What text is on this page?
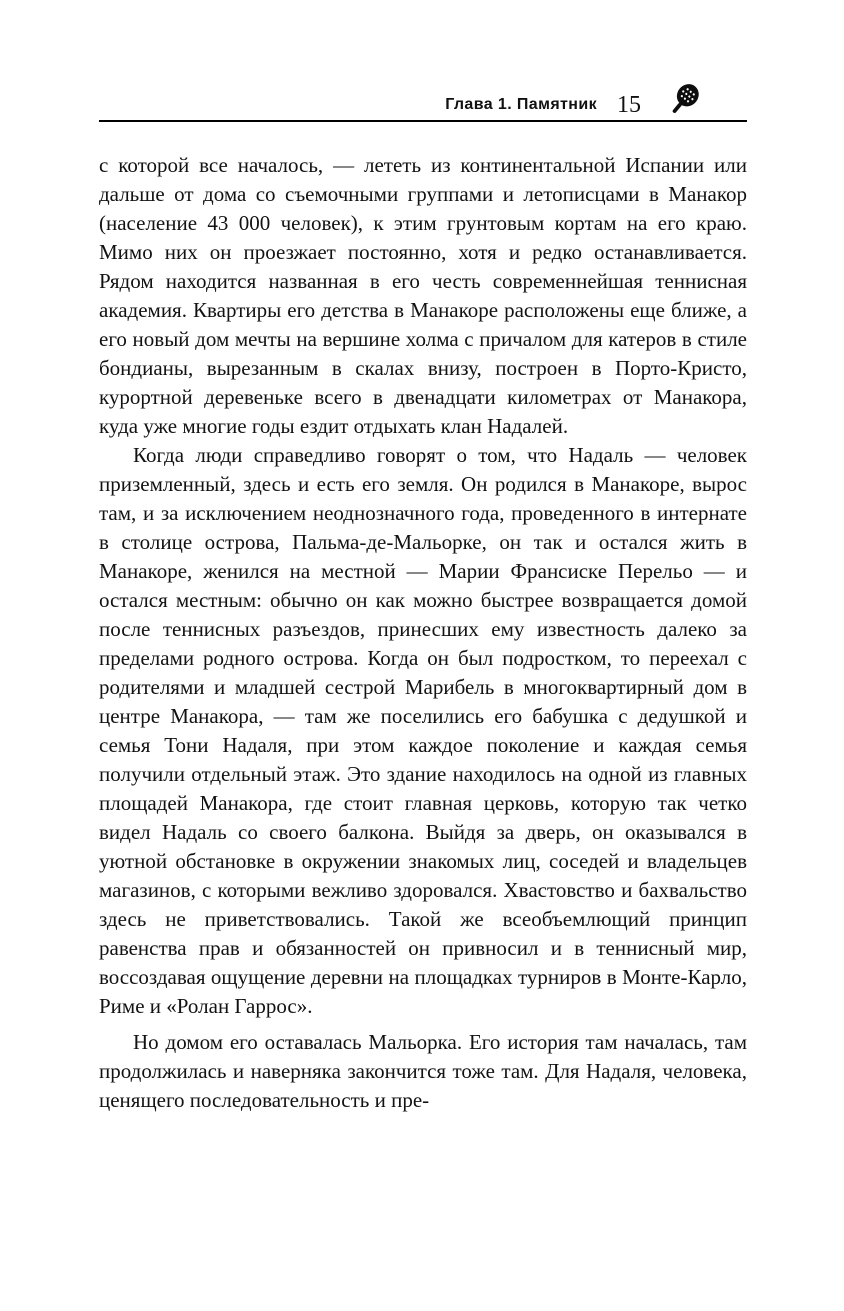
Глава 1. Памятник 15

с которой все началось, — лететь из континентальной Испании или дальше от дома со съемочными группами и летописцами в Манакор (население 43 000 человек), к этим грунтовым кортам на его краю. Мимо них он проезжает постоянно, хотя и редко останавливается. Рядом находится названная в его честь современнейшая теннисная академия. Квартиры его детства в Манакоре расположены еще ближе, а его новый дом мечты на вершине холма с причалом для катеров в стиле бондианы, вырезанным в скалах внизу, построен в Порто-Кристо, курортной деревеньке всего в двенадцати километрах от Манакора, куда уже многие годы ездит отдыхать клан Надалей.

Когда люди справедливо говорят о том, что Надаль — человек приземленный, здесь и есть его земля. Он родился в Манакоре, вырос там, и за исключением неоднозначного года, проведенного в интернате в столице острова, Пальма-де-Мальорке, он так и остался жить в Манакоре, женился на местной — Марии Франсиске Перельо — и остался местным: обычно он как можно быстрее возвращается домой после теннисных разъездов, принесших ему известность далеко за пределами родного острова. Когда он был подростком, то переехал с родителями и младшей сестрой Марибель в многоквартирный дом в центре Манакора, — там же поселились его бабушка с дедушкой и семья Тони Надаля, при этом каждое поколение и каждая семья получили отдельный этаж. Это здание находилось на одной из главных площадей Манакора, где стоит главная церковь, которую так четко видел Надаль со своего балкона. Выйдя за дверь, он оказывался в уютной обстановке в окружении знакомых лиц, соседей и владельцев магазинов, с которыми вежливо здоровался. Хвастовство и бахвальство здесь не приветствовались. Такой же всеобъемлющий принцип равенства прав и обязанностей он привносил и в теннисный мир, воссоздавая ощущение деревни на площадках турниров в Монте-Карло, Риме и «Ролан Гаррос».

Но домом его оставалась Мальорка. Его история там началась, там продолжилась и наверняка закончится тоже там. Для Надаля, человека, ценящего последовательность и пре-
